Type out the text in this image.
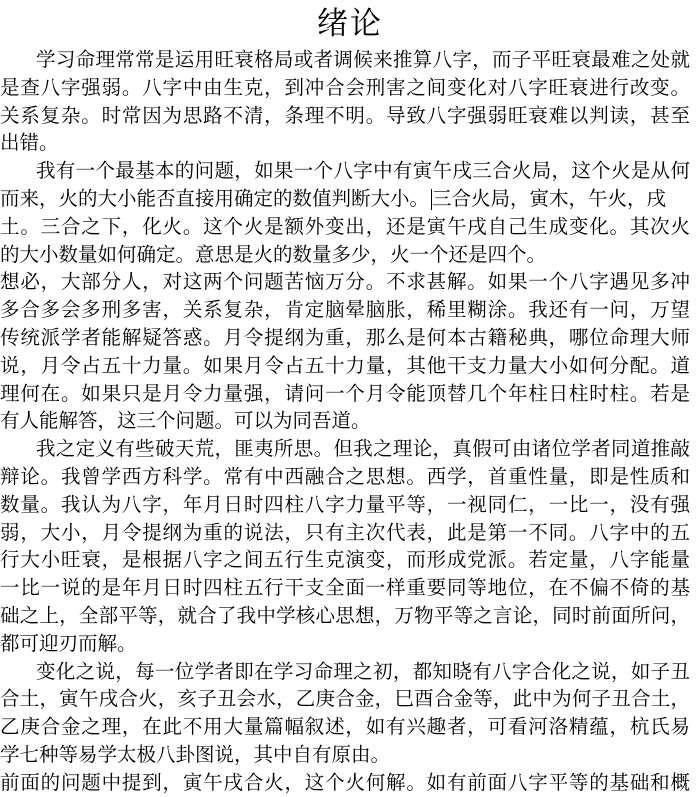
绪论
学习命理常常是运用旺衰格局或者调候来推算八字，而子平旺衰最难之处就
是查八字强弱。八字中由生克，到冲合会刑害之间变化对八字旺衰进行改变。
关系复杂。时常因为思路不清，条理不明。导致八字强弱旺衰难以判读，甚至
出错。
我有一个最基本的问题，如果一个八字中有寅午戌三合火局，这个火是从何
而来，火的大小能否直接用确定的数值判断大小。 三合火局，寅木，午火，戌
土。三合之下，化火。这个火是额外变出，还是寅午戌自己生成变化。其次火
的大小数量如何确定。意思是火的数量多少，火一个还是四个。
想必，大部分人，对这两个问题苦恼万分。不求甚解。如果一个八字遇见多冲
多合多会多刑多害，关系复杂，肯定脑晕脑胀，稀里糊涂。我还有一问，万望
传统派学者能解疑答惑。月令提纲为重，那么是何本古籍秘典，哪位命理大师
说，月令占五十力量。如果月令占五十力量，其他干支力量大小如何分配。道
理何在。如果只是月令力量强，请问一个月令能顶替几个年柱日柱时柱。若是
有人能解答，这三个问题。可以为同吾道。
我之定义有些破天荒，匪夷所思。但我之理论，真假可由诸位学者同道推敲
辩论。我曾学西方科学。常有中西融合之思想。西学，首重性量，即是性质和
数量。我认为八字，年月日时四柱八字力量平等，一视同仁，一比一，没有强
弱，大小，月令提纲为重的说法，只有主次代表，此是第一不同。八字中的五
行大小旺衰，是根据八字之间五行生克演变，而形成党派。若定量，八字能量
一比一说的是年月日时四柱五行干支全面一样重要同等地位，在不偏不倚的基
础之上，全部平等，就合了我中学核心思想，万物平等之言论，同时前面所问，
都可迎刃而解。
变化之说，每一位学者即在学习命理之初，都知晓有八字合化之说，如子丑
合土，寅午戌合火，亥子丑会水，乙庚合金，巳酉合金等，此中为何子丑合土，
乙庚合金之理，在此不用大量篇幅叙述，如有兴趣者，可看河洛精蕴，杭氏易
学七种等易学太极八卦图说，其中自有原由。
前面的问题中提到，寅午戌合火，这个火何解。如有前面八字平等的基础和概
